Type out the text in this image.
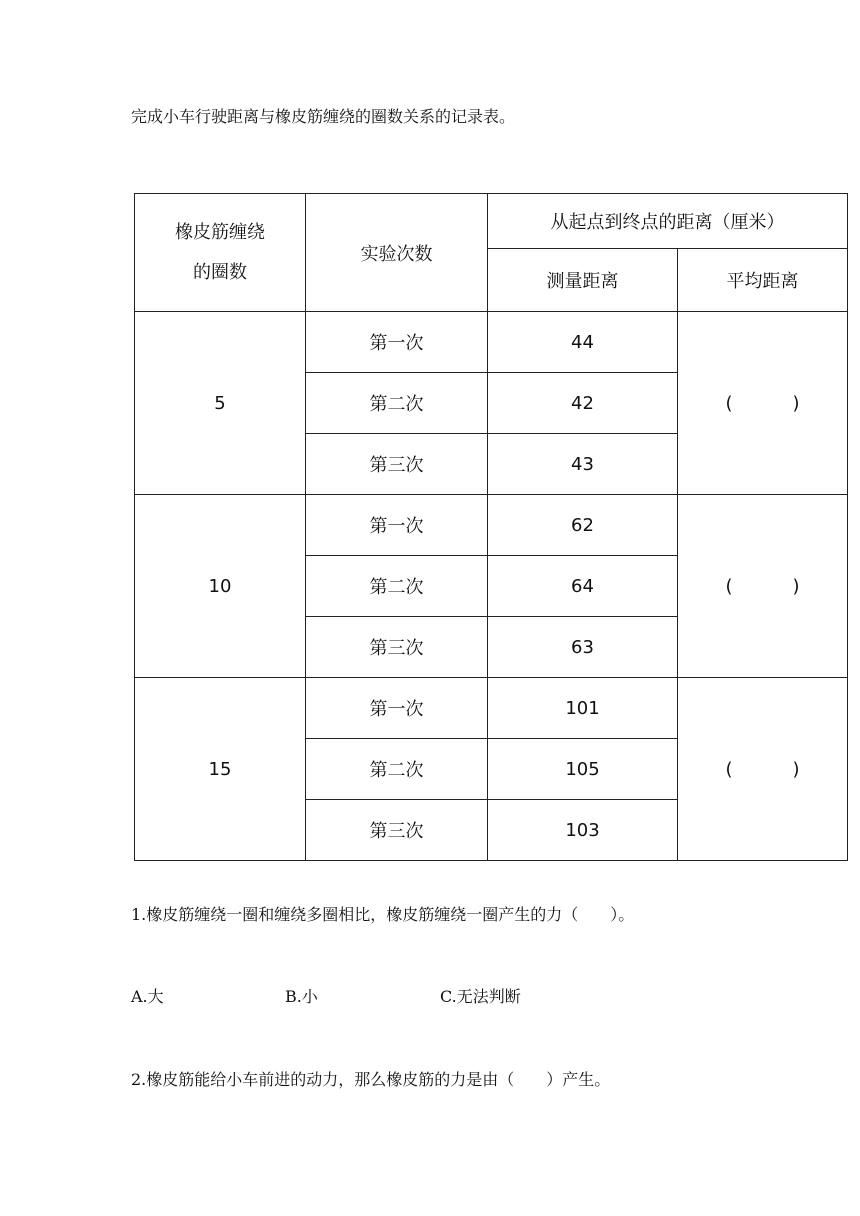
完成小车行驶距离与橡皮筋缠绕的圈数关系的记录表。
橡皮筋缠绕的圈数	实验次数	从起点到终点的距离（厘米）	
		测量距离	平均距离
5	第一次	44	( )

	第二次	42	
	第三次	43	
10	第一次	62	( )

	第二次	64	
	第三次	63	
15	第一次	101	( )

	第二次	105	
	第三次	103	
1.橡皮筋缠绕一圈和缠绕多圈相比，橡皮筋缠绕一圈产生的力（　　）。
A.大	B.小	C.无法判断
2.橡皮筋能给小车前进的动力，那么橡皮筋的力是由（　　）产生。
